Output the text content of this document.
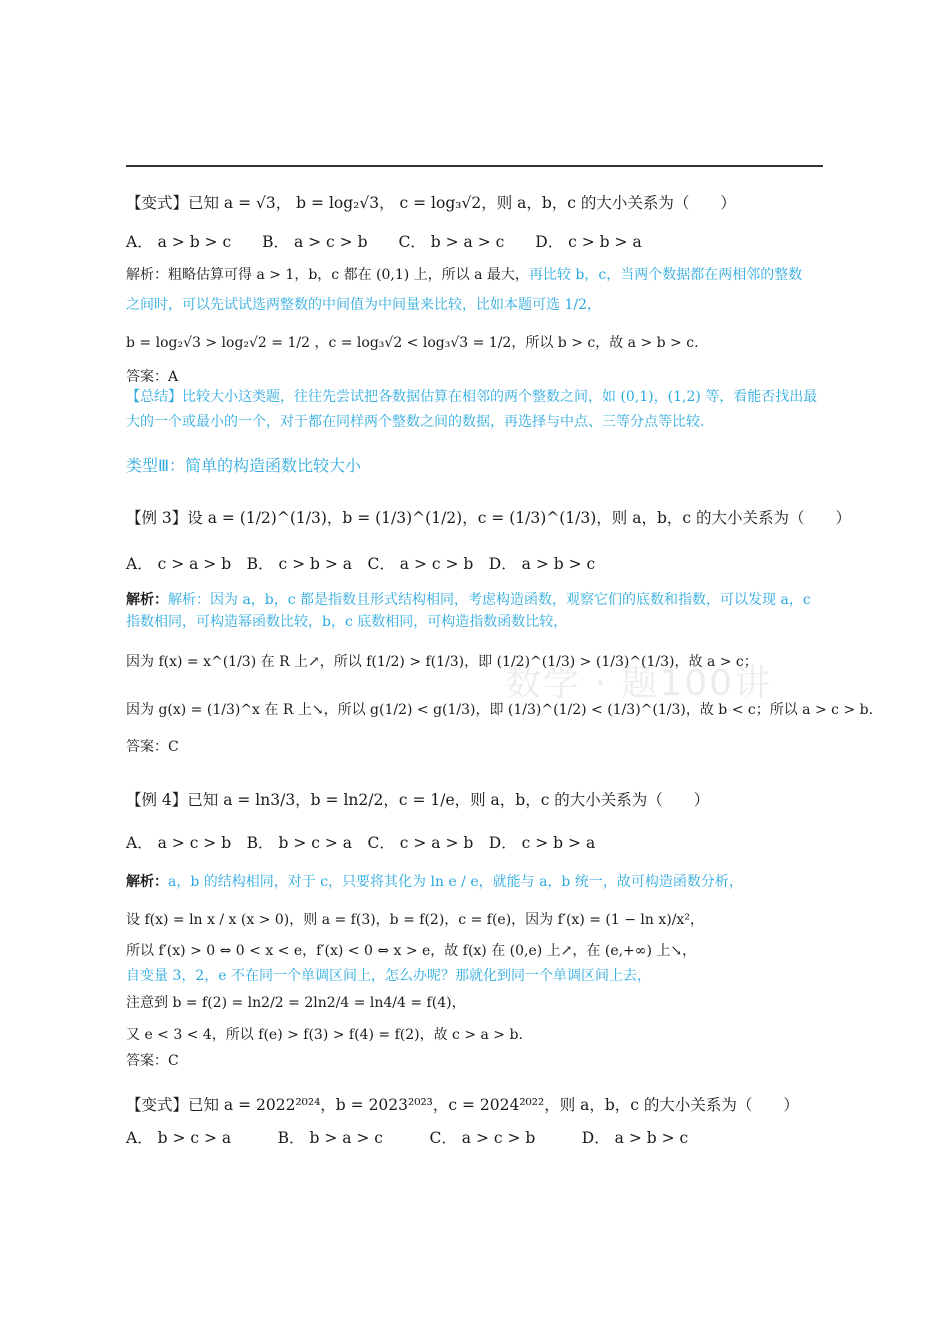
数学 · 题100讲
【变式】已知 a = √3， b = log₂√3， c = log₃√2，则 a，b，c 的大小关系为（　　）
A． a > b > c　　B． a > c > b　　C． b > a > c　　D． c > b > a
解析：粗略估算可得 a > 1，b，c 都在 (0,1) 上，所以 a 最大，再比较 b，c，当两个数据都在两相邻的整数
之间时，可以先试试选两整数的中间值为中间量来比较，比如本题可选 1/2，
b = log₂√3 > log₂√2 = 1/2 ，c = log₃√2 < log₃√3 = 1/2，所以 b > c，故 a > b > c.
答案：A
【总结】比较大小这类题，往往先尝试把各数据估算在相邻的两个整数之间，如 (0,1)，(1,2) 等，看能否找出最
大的一个或最小的一个，对于都在同样两个整数之间的数据，再选择与中点、三等分点等比较.
类型Ⅲ：简单的构造函数比较大小
【例 3】设 a = (1/2)^(1/3)，b = (1/3)^(1/2)，c = (1/3)^(1/3)，则 a，b，c 的大小关系为（　　）
A． c > a > b　B． c > b > a　C． a > c > b　D． a > b > c
解析：解析：因为 a，b，c 都是指数且形式结构相同，考虑构造函数，观察它们的底数和指数，可以发现 a，c
指数相同，可构造幂函数比较，b，c 底数相同，可构造指数函数比较，
因为 f(x) = x^(1/3) 在 R 上↗，所以 f(1/2) > f(1/3)，即 (1/2)^(1/3) > (1/3)^(1/3)，故 a > c；
因为 g(x) = (1/3)^x 在 R 上↘，所以 g(1/2) < g(1/3)，即 (1/3)^(1/2) < (1/3)^(1/3)，故 b < c；所以 a > c > b.
答案：C
【例 4】已知 a = ln3/3，b = ln2/2，c = 1/e，则 a，b，c 的大小关系为（　　）
A． a > c > b　B． b > c > a　C． c > a > b　D． c > b > a
解析：a，b 的结构相同，对于 c，只要将其化为 ln e / e，就能与 a，b 统一，故可构造函数分析，
设 f(x) = ln x / x (x > 0)，则 a = f(3)，b = f(2)，c = f(e)，因为 f′(x) = (1 − ln x)/x²，
所以 f′(x) > 0 ⇔ 0 < x < e，f′(x) < 0 ⇔ x > e，故 f(x) 在 (0,e) 上↗，在 (e,+∞) 上↘，
自变量 3，2，e 不在同一个单调区间上，怎么办呢？那就化到同一个单调区间上去，
注意到 b = f(2) = ln2/2 = 2ln2/4 = ln4/4 = f(4)，
又 e < 3 < 4，所以 f(e) > f(3) > f(4) = f(2)，故 c > a > b.
答案：C
【变式】已知 a = 2022²⁰²⁴，b = 2023²⁰²³，c = 2024²⁰²²，则 a，b，c 的大小关系为（　　）
A． b > c > a　　　B． b > a > c　　　C． a > c > b　　　D． a > b > c
